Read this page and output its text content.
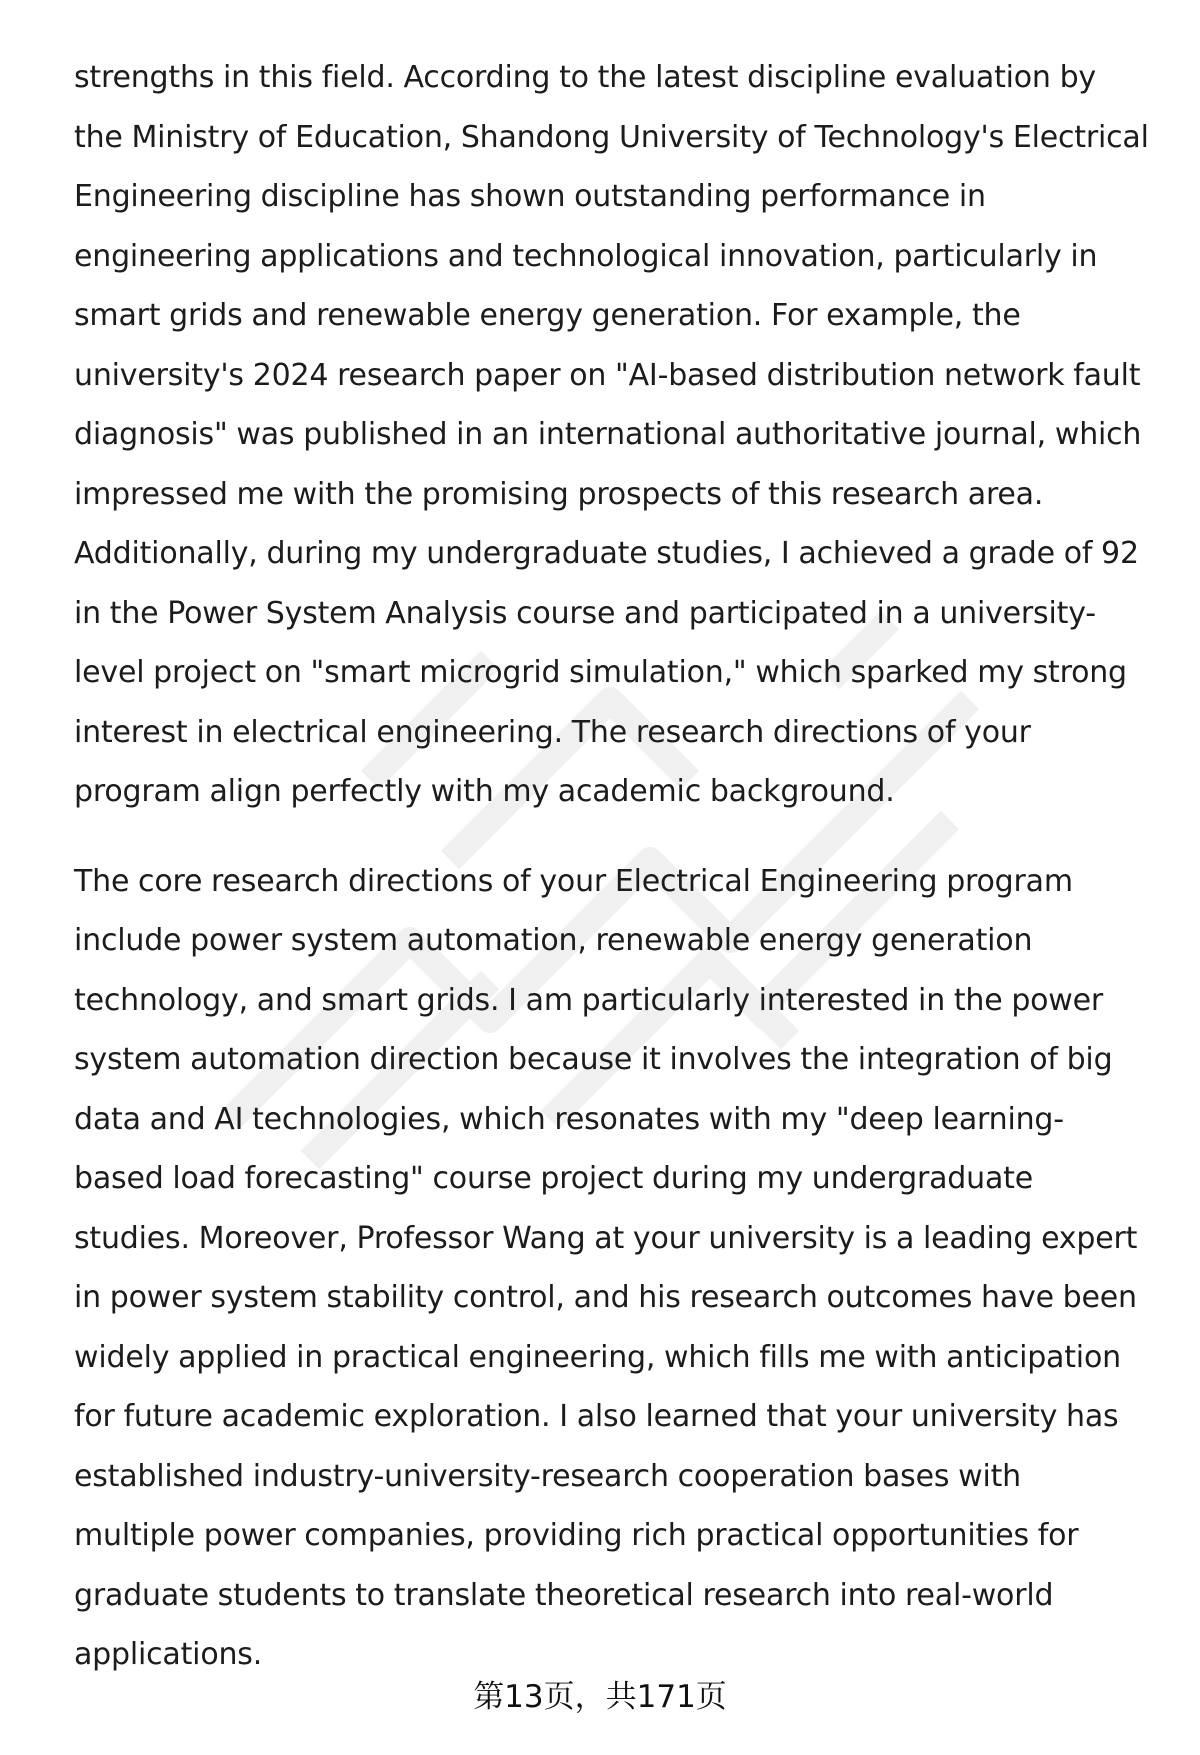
strengths in this field. According to the latest discipline evaluation by the Ministry of Education, Shandong University of Technology's Electrical Engineering discipline has shown outstanding performance in engineering applications and technological innovation, particularly in smart grids and renewable energy generation. For example, the university's 2024 research paper on "AI-based distribution network fault diagnosis" was published in an international authoritative journal, which impressed me with the promising prospects of this research area. Additionally, during my undergraduate studies, I achieved a grade of 92 in the Power System Analysis course and participated in a university-level project on "smart microgrid simulation," which sparked my strong interest in electrical engineering. The research directions of your program align perfectly with my academic background.

The core research directions of your Electrical Engineering program include power system automation, renewable energy generation technology, and smart grids. I am particularly interested in the power system automation direction because it involves the integration of big data and AI technologies, which resonates with my "deep learning-based load forecasting" course project during my undergraduate studies. Moreover, Professor Wang at your university is a leading expert in power system stability control, and his research outcomes have been widely applied in practical engineering, which fills me with anticipation for future academic exploration. I also learned that your university has established industry-university-research cooperation bases with multiple power companies, providing rich practical opportunities for graduate students to translate theoretical research into real-world applications.

第13页，共171页
